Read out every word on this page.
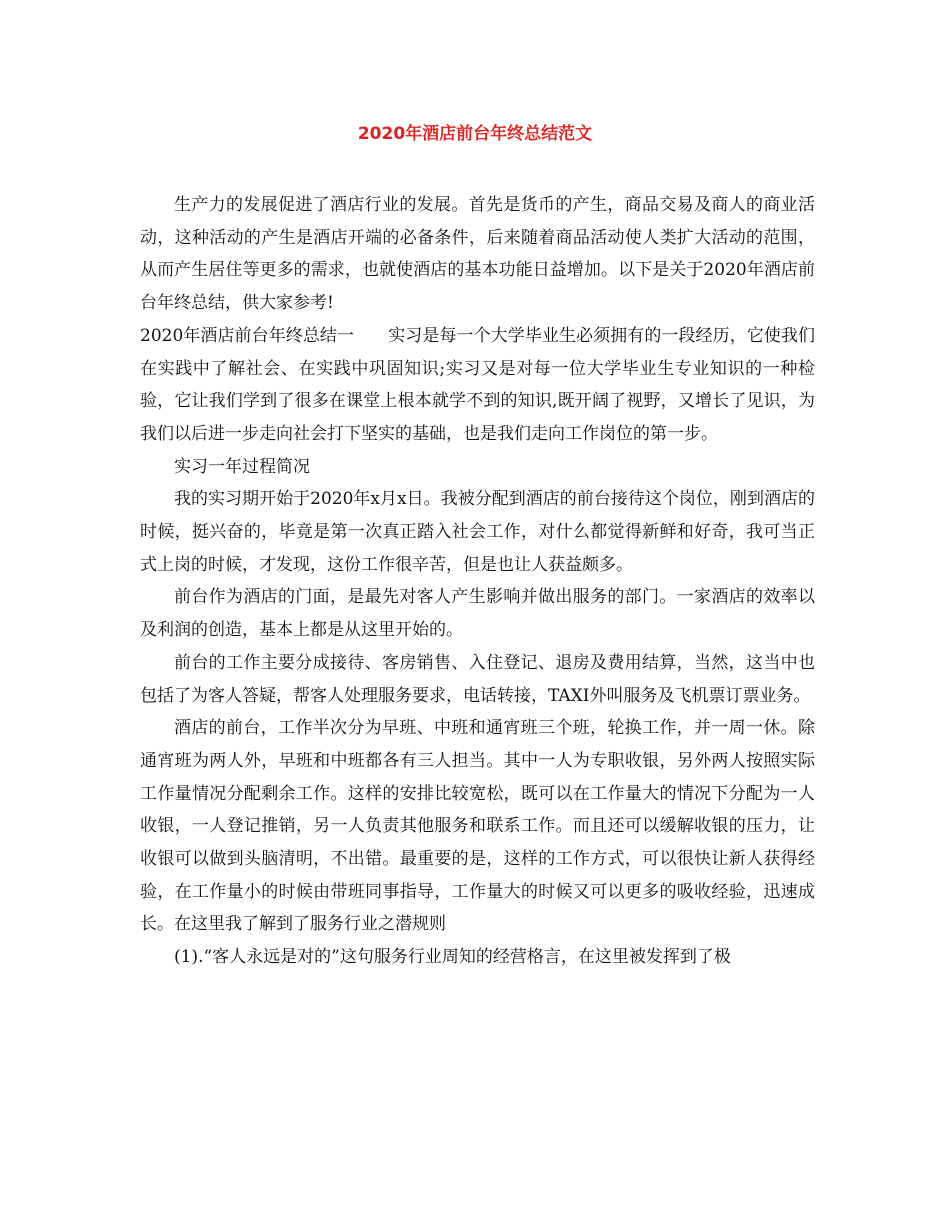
2020年酒店前台年终总结范文

生产力的发展促进了酒店行业的发展。首先是货币的产生，商品交易及商人的商业活动，这种活动的产生是酒店开端的必备条件，后来随着商品活动使人类扩大活动的范围，从而产生居住等更多的需求，也就使酒店的基本功能日益增加。以下是关于2020年酒店前台年终总结，供大家参考!

2020年酒店前台年终总结一　　实习是每一个大学毕业生必须拥有的一段经历，它使我们在实践中了解社会、在实践中巩固知识;实习又是对每一位大学毕业生专业知识的一种检验，它让我们学到了很多在课堂上根本就学不到的知识,既开阔了视野，又增长了见识，为我们以后进一步走向社会打下坚实的基础，也是我们走向工作岗位的第一步。

实习一年过程简况

我的实习期开始于2020年x月x日。我被分配到酒店的前台接待这个岗位，刚到酒店的时候，挺兴奋的，毕竟是第一次真正踏入社会工作，对什么都觉得新鲜和好奇，我可当正式上岗的时候，才发现，这份工作很辛苦，但是也让人获益颇多。

前台作为酒店的门面，是最先对客人产生影响并做出服务的部门。一家酒店的效率以及利润的创造，基本上都是从这里开始的。

前台的工作主要分成接待、客房销售、入住登记、退房及费用结算，当然，这当中也包括了为客人答疑，帮客人处理服务要求，电话转接，TAXI外叫服务及飞机票订票业务。

酒店的前台，工作半次分为早班、中班和通宵班三个班，轮换工作，并一周一休。除通宵班为两人外，早班和中班都各有三人担当。其中一人为专职收银，另外两人按照实际工作量情况分配剩余工作。这样的安排比较宽松，既可以在工作量大的情况下分配为一人收银，一人登记推销，另一人负责其他服务和联系工作。而且还可以缓解收银的压力，让收银可以做到头脑清明，不出错。最重要的是，这样的工作方式，可以很快让新人获得经验，在工作量小的时候由带班同事指导，工作量大的时候又可以更多的吸收经验，迅速成长。在这里我了解到了服务行业之潜规则

(1).“客人永远是对的”这句服务行业周知的经营格言，在这里被发挥到了极
